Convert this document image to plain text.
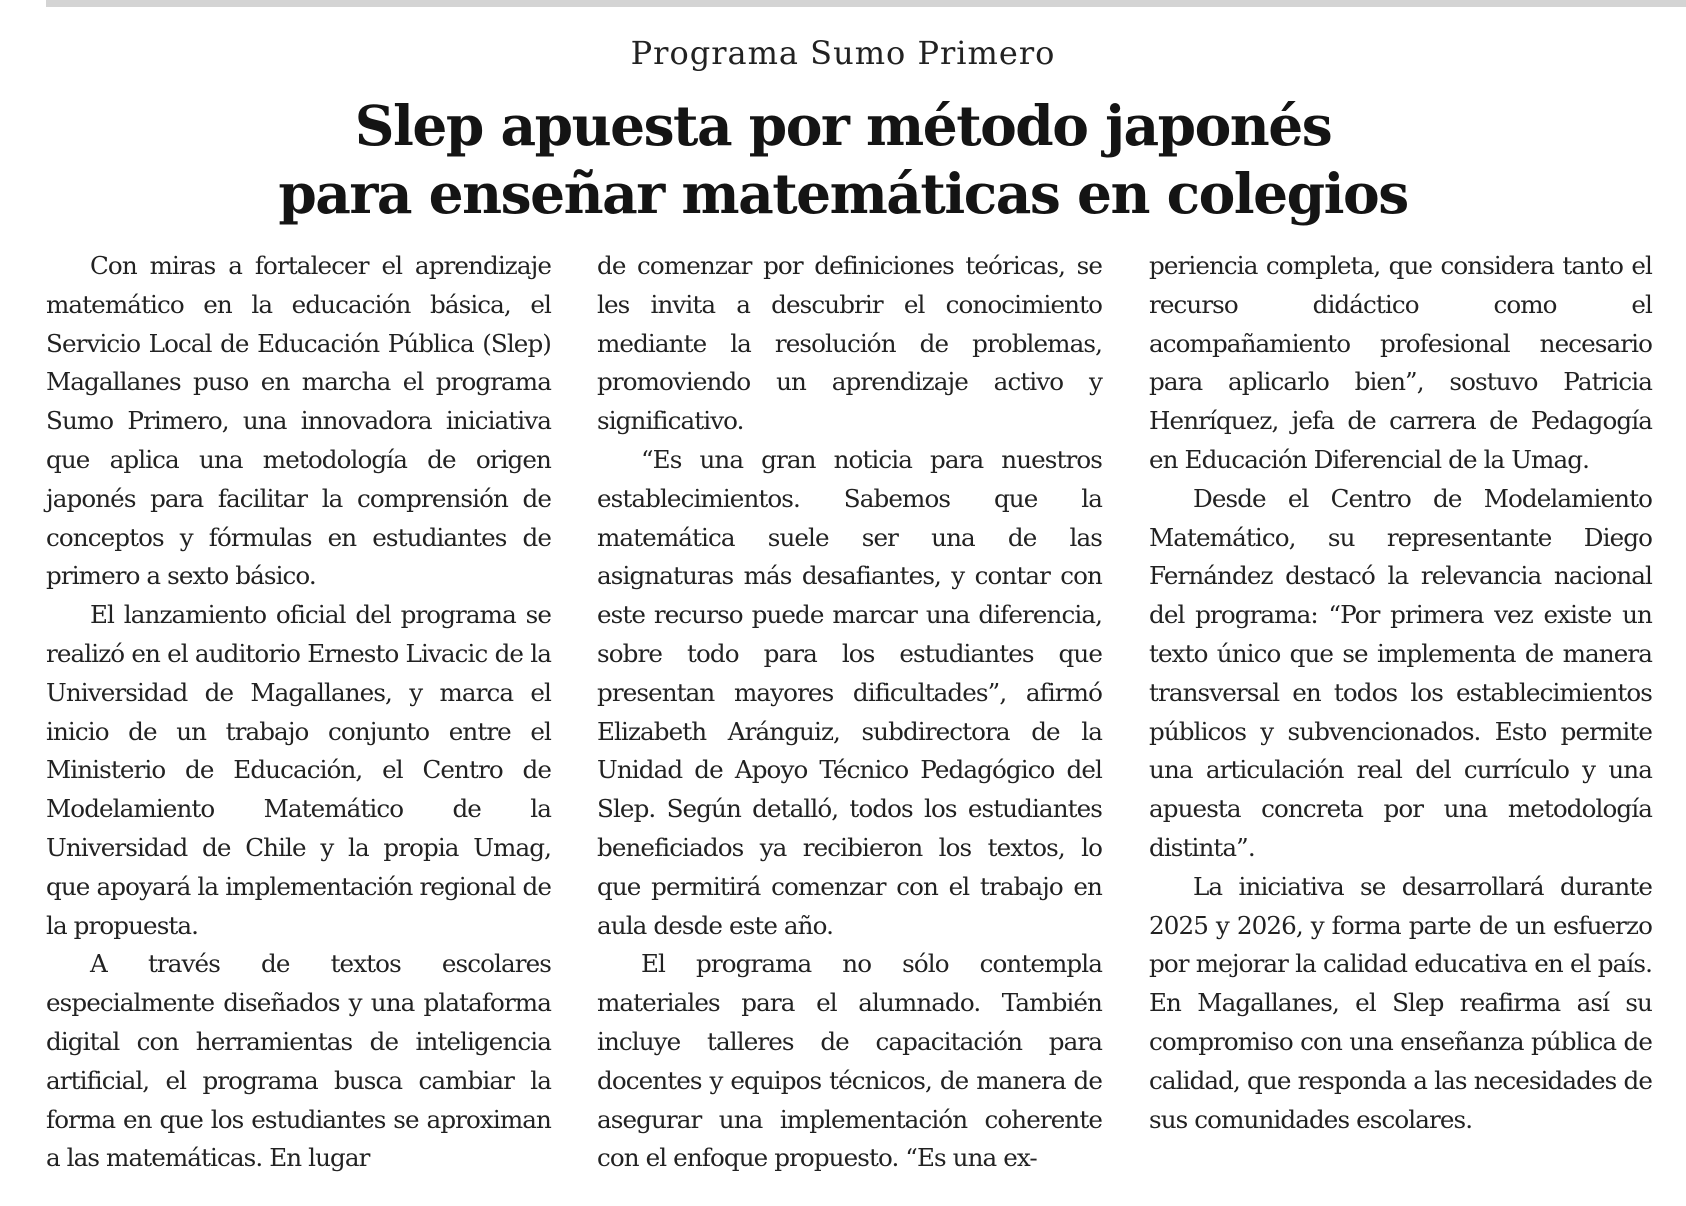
Programa Sumo Primero
Slep apuesta por método japonés
para enseñar matemáticas en colegios

Con miras a fortalecer el aprendizaje matemático en la educación básica, el Servicio Local de Educación Pública (Slep) Magallanes puso en marcha el programa Sumo Primero, una innovadora iniciativa que aplica una metodología de origen japonés para facilitar la comprensión de conceptos y fórmulas en estudiantes de primero a sexto básico.

El lanzamiento oficial del programa se realizó en el auditorio Ernesto Livacic de la Universidad de Magallanes, y marca el inicio de un trabajo conjunto entre el Ministerio de Educación, el Centro de Modelamiento Matemático de la Universidad de Chile y la propia Umag, que apoyará la implementación regional de la propuesta.

A través de textos escolares especialmente diseñados y una plataforma digital con herramientas de inteligencia artificial, el programa busca cambiar la forma en que los estudiantes se aproximan a las matemáticas. En lugar

de comenzar por definiciones teóricas, se les invita a descubrir el conocimiento mediante la resolución de problemas, promoviendo un aprendizaje activo y significativo.

“Es una gran noticia para nuestros establecimientos. Sabemos que la matemática suele ser una de las asignaturas más desafiantes, y contar con este recurso puede marcar una diferencia, sobre todo para los estudiantes que presentan mayores dificultades”, afirmó Elizabeth Aránguiz, subdirectora de la Unidad de Apoyo Técnico Pedagógico del Slep. Según detalló, todos los estudiantes beneficiados ya recibieron los textos, lo que permitirá comenzar con el trabajo en aula desde este año.

El programa no sólo contempla materiales para el alumnado. También incluye talleres de capacitación para docentes y equipos técnicos, de manera de asegurar una implementación coherente con el enfoque propuesto. “Es una ex-

periencia completa, que considera tanto el recurso didáctico como el acompañamiento profesional necesario para aplicarlo bien”, sostuvo Patricia Henríquez, jefa de carrera de Pedagogía en Educación Diferencial de la Umag.

Desde el Centro de Modelamiento Matemático, su representante Diego Fernández destacó la relevancia nacional del programa: “Por primera vez existe un texto único que se implementa de manera transversal en todos los establecimientos públicos y subvencionados. Esto permite una articulación real del currículo y una apuesta concreta por una metodología distinta”.

La iniciativa se desarrollará durante 2025 y 2026, y forma parte de un esfuerzo por mejorar la calidad educativa en el país. En Magallanes, el Slep reafirma así su compromiso con una enseñanza pública de calidad, que responda a las necesidades de sus comunidades escolares.
